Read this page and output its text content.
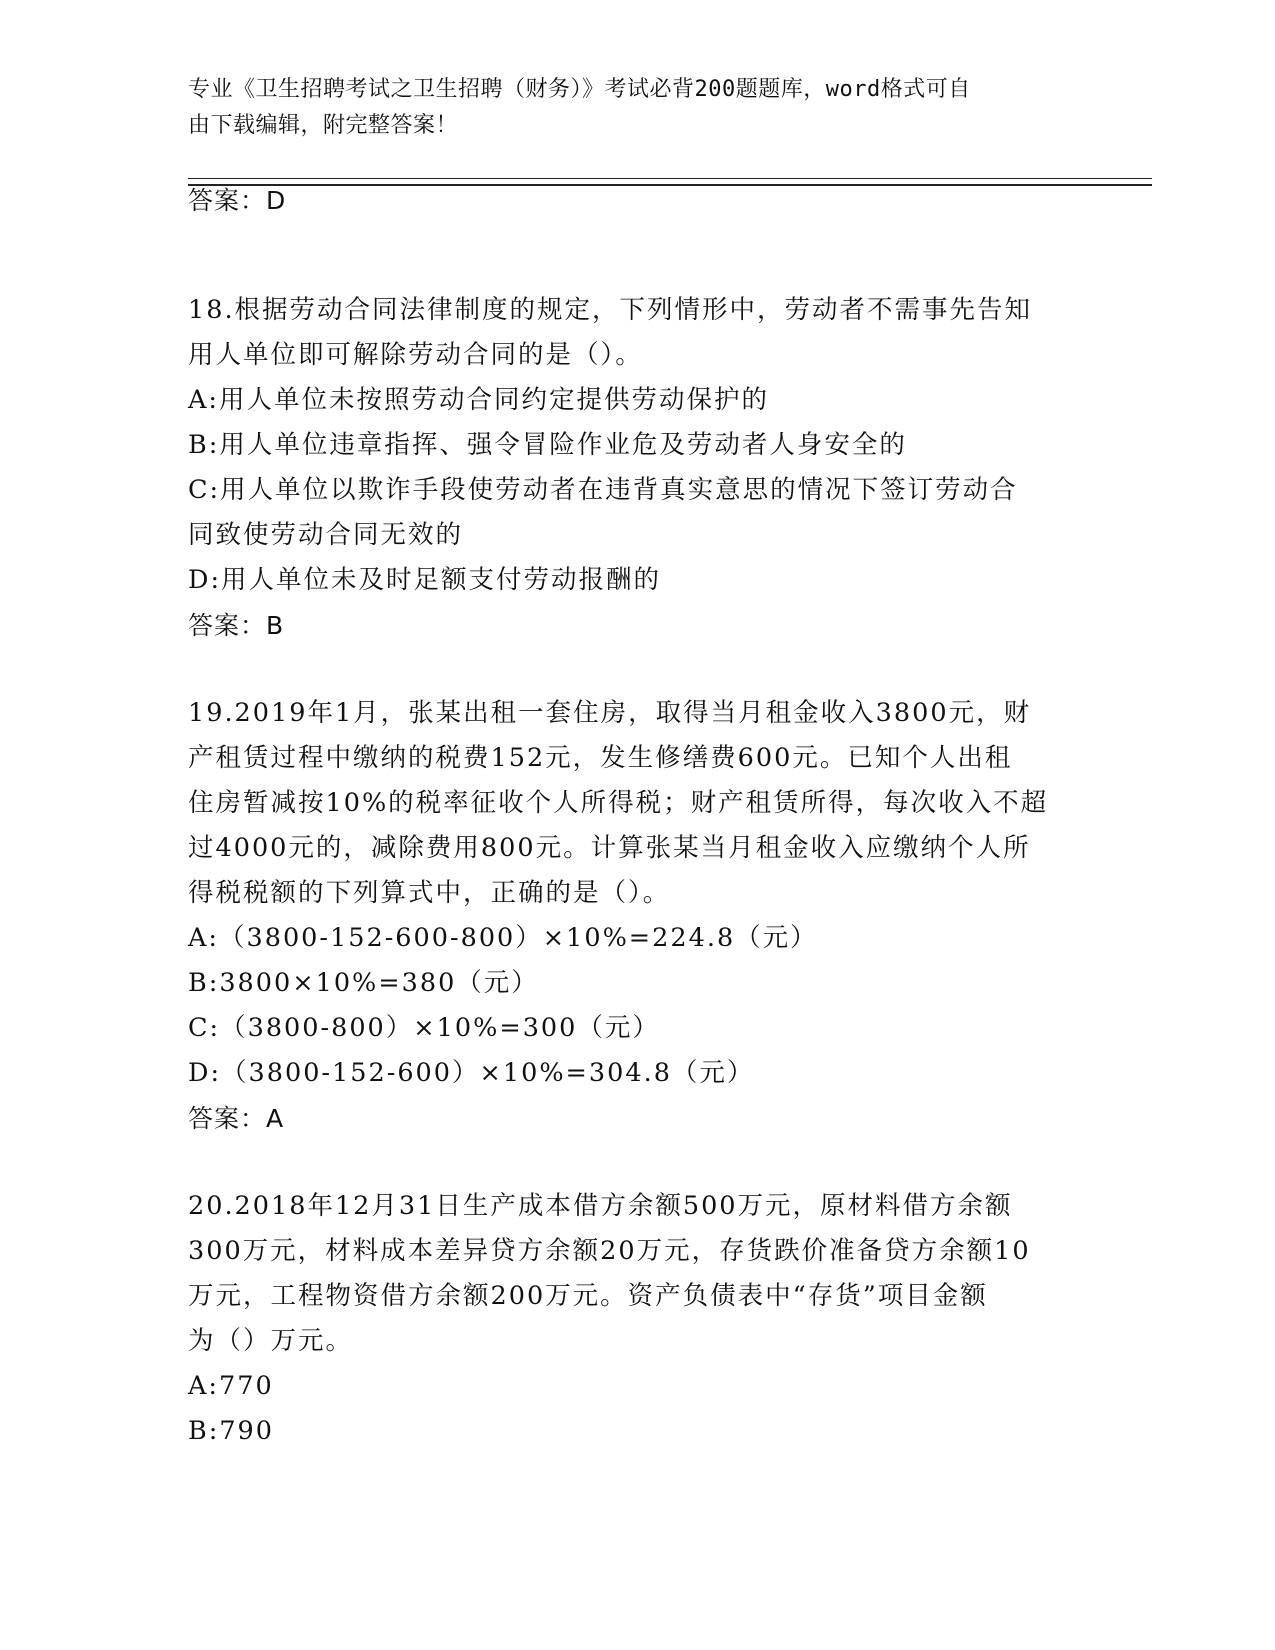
专业《卫生招聘考试之卫生招聘（财务）》考试必背200题题库，word格式可自
由下载编辑，附完整答案！
答案：D
18.根据劳动合同法律制度的规定，下列情形中，劳动者不需事先告知
用人单位即可解除劳动合同的是（）。
A:用人单位未按照劳动合同约定提供劳动保护的
B:用人单位违章指挥、强令冒险作业危及劳动者人身安全的
C:用人单位以欺诈手段使劳动者在违背真实意思的情况下签订劳动合
同致使劳动合同无效的
D:用人单位未及时足额支付劳动报酬的
答案：B
19.2019年1月，张某出租一套住房，取得当月租金收入3800元，财
产租赁过程中缴纳的税费152元，发生修缮费600元。已知个人出租
住房暂减按10%的税率征收个人所得税；财产租赁所得，每次收入不超
过4000元的，减除费用800元。计算张某当月租金收入应缴纳个人所
得税税额的下列算式中，正确的是（）。
A:（3800-152-600-800）×10%=224.8（元）
B:3800×10%=380（元）
C:（3800-800）×10%=300（元）
D:（3800-152-600）×10%=304.8（元）
答案：A
20.2018年12月31日生产成本借方余额500万元，原材料借方余额
300万元，材料成本差异贷方余额20万元，存货跌价准备贷方余额10
万元，工程物资借方余额200万元。资产负债表中“存货”项目金额
为（）万元。
A:770
B:790
